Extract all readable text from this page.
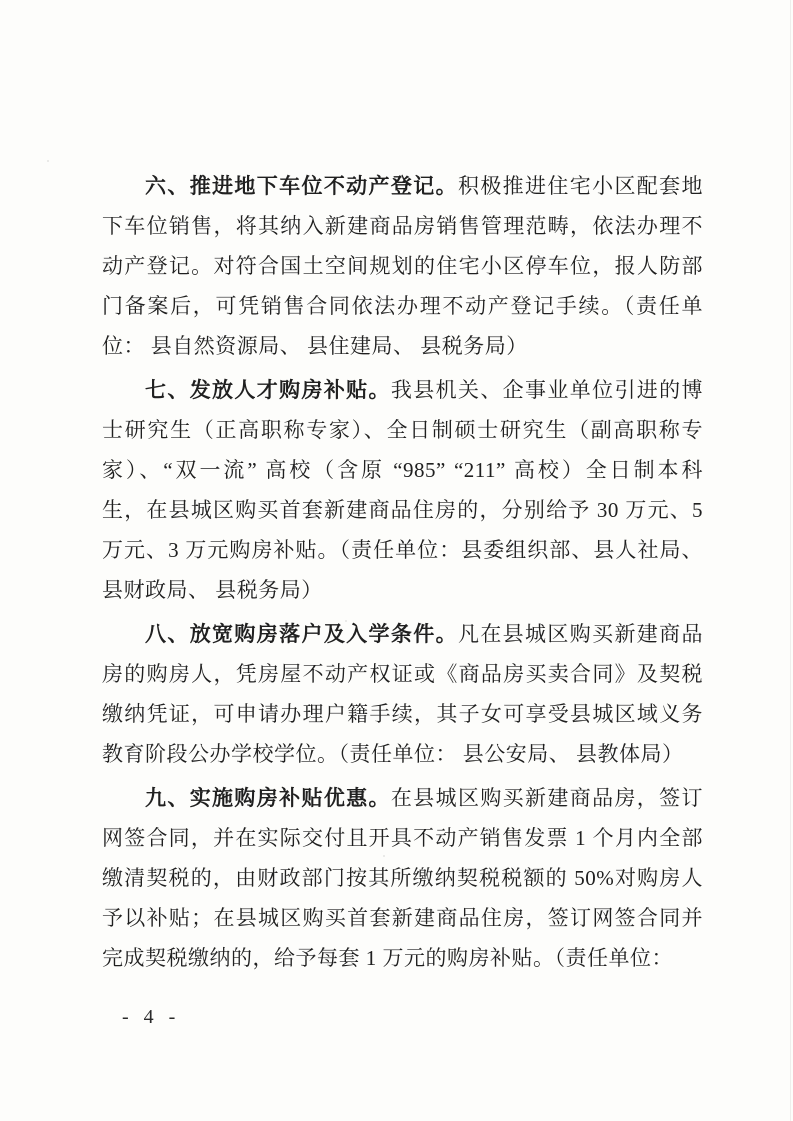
六、推进地下车位不动产登记。积极推进住宅小区配套地
下车位销售，将其纳入新建商品房销售管理范畴，依法办理不
动产登记。对符合国土空间规划的住宅小区停车位，报人防部
门备案后，可凭销售合同依法办理不动产登记手续。（责任单
位： 县自然资源局、 县住建局、 县税务局）
七、发放人才购房补贴。我县机关、企事业单位引进的博
士研究生（正高职称专家）、全日制硕士研究生（副高职称专
家）、“双一流” 高校（含原 “985” “211” 高校）全日制本科
生，在县城区购买首套新建商品住房的，分别给予 30 万元、5
万元、3 万元购房补贴。（责任单位：县委组织部、县人社局、
县财政局、 县税务局）
八、放宽购房落户及入学条件。凡在县城区购买新建商品
房的购房人，凭房屋不动产权证或《商品房买卖合同》及契税
缴纳凭证，可申请办理户籍手续，其子女可享受县城区域义务
教育阶段公办学校学位。（责任单位： 县公安局、 县教体局）
九、实施购房补贴优惠。在县城区购买新建商品房，签订
网签合同，并在实际交付且开具不动产销售发票 1 个月内全部
缴清契税的，由财政部门按其所缴纳契税税额的 50%对购房人
予以补贴；在县城区购买首套新建商品住房，签订网签合同并
完成契税缴纳的，给予每套 1 万元的购房补贴。（责任单位：
- 4 -
